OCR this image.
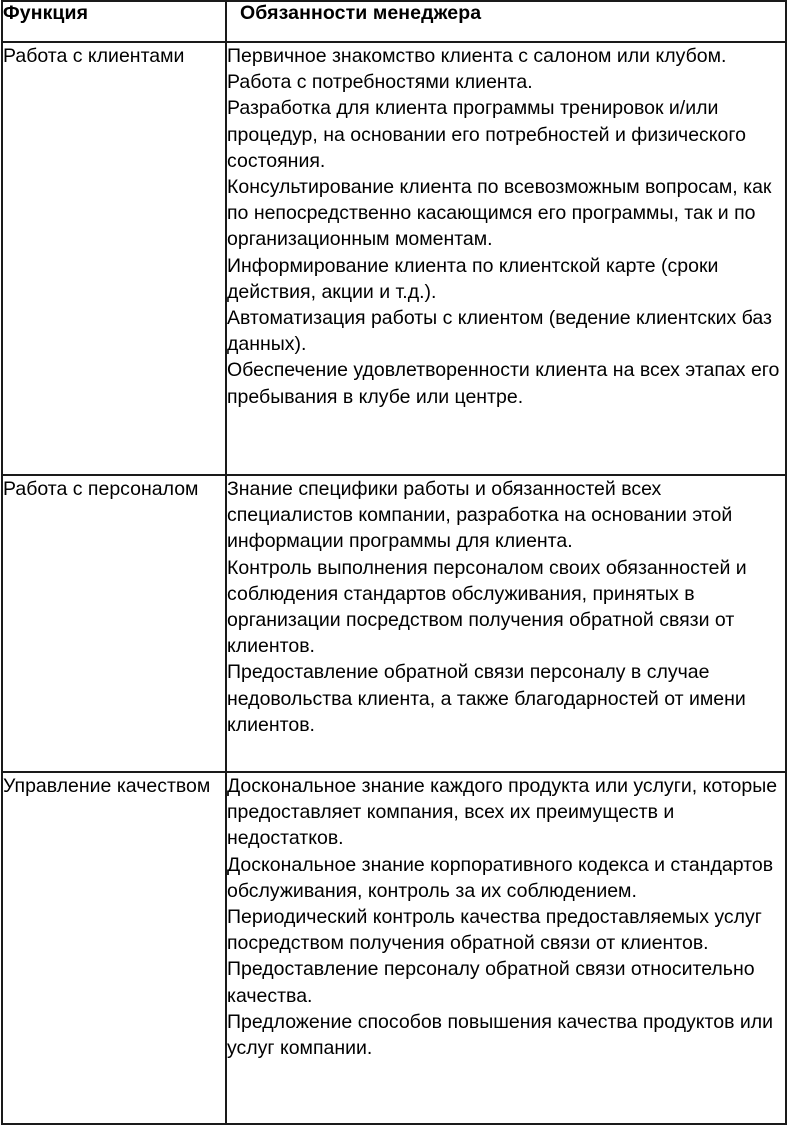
Функция	Обязанности менеджера
Работа с клиентами	Первичное знакомство клиента с салоном или клубом.
Работа с потребностями клиента.
Разработка для клиента программы тренировок и/или процедур, на основании его потребностей и физического состояния.
Консультирование клиента по всевозможным вопросам, как по непосредственно касающимся его программы, так и по организационным моментам.
Информирование клиента по клиентской карте (сроки действия, акции и т.д.).
Автоматизация работы с клиентом (ведение клиентских баз данных).
Обеспечение удовлетворенности клиента на всех этапах его пребывания в клубе или центре.

Работа с персоналом	Знание специфики работы и обязанностей всех специалистов компании, разработка на основании этой информации программы для клиента.
Контроль выполнения персоналом своих обязанностей и соблюдения стандартов обслуживания, принятых в организации посредством получения обратной связи от клиентов.
Предоставление обратной связи персоналу в случае недовольства клиента, а также благодарностей от имени клиентов.

Управление качеством	Доскональное знание каждого продукта или услуги, которые предоставляет компания, всех их преимуществ и недостатков.
Доскональное знание корпоративного кодекса и стандартов обслуживания, контроль за их соблюдением.
Периодический контроль качества предоставляемых услуг посредством получения обратной связи от клиентов.
Предоставление персоналу обратной связи относительно качества.
Предложение способов повышения качества продуктов или услуг компании.
